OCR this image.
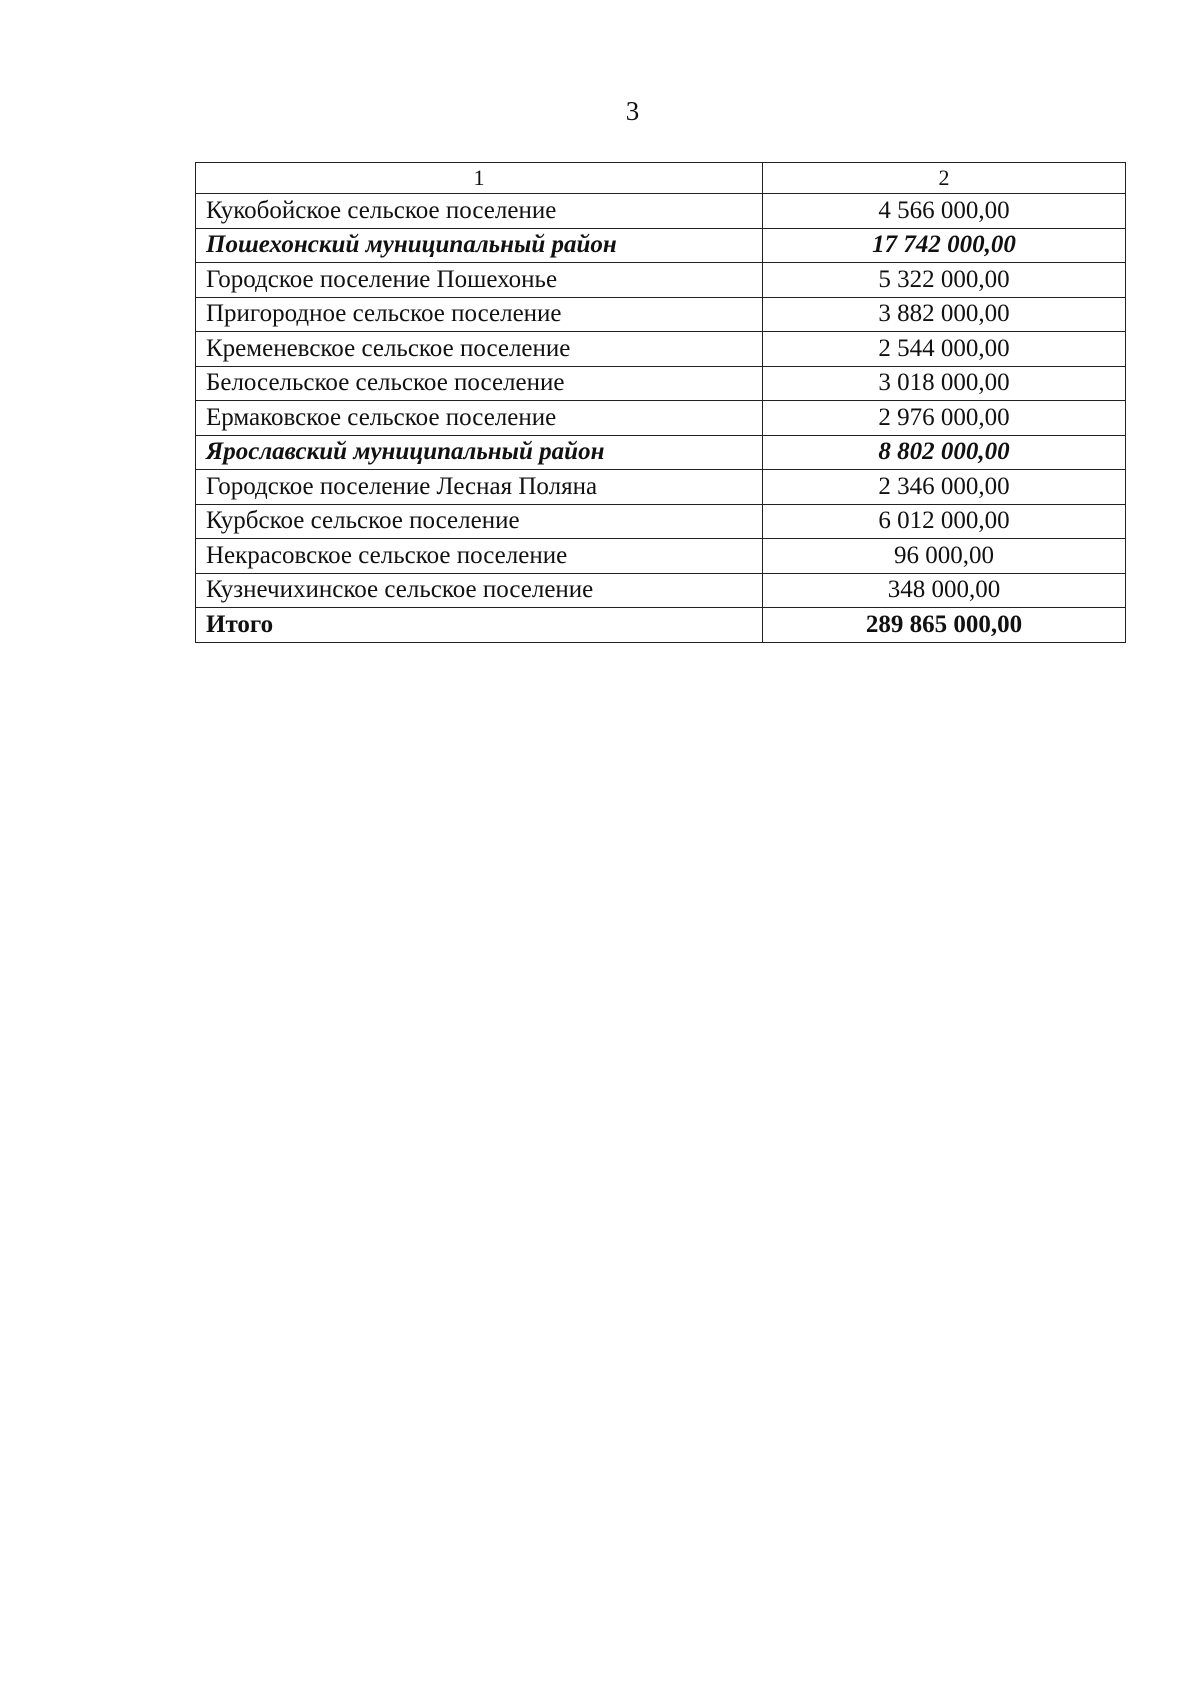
3
1	2
Кукобойское сельское поселение	4 566 000,00
Пошехонский муниципальный район	17 742 000,00
Городское поселение Пошехонье	5 322 000,00
Пригородное сельское поселение	3 882 000,00
Кременевское сельское поселение	2 544 000,00
Белосельское сельское поселение	3 018 000,00
Ермаковское сельское поселение	2 976 000,00
Ярославский муниципальный район	8 802 000,00
Городское поселение Лесная Поляна	2 346 000,00
Курбское сельское поселение	6 012 000,00
Некрасовское сельское поселение	96 000,00
Кузнечихинское сельское поселение	348 000,00
Итого	289 865 000,00
